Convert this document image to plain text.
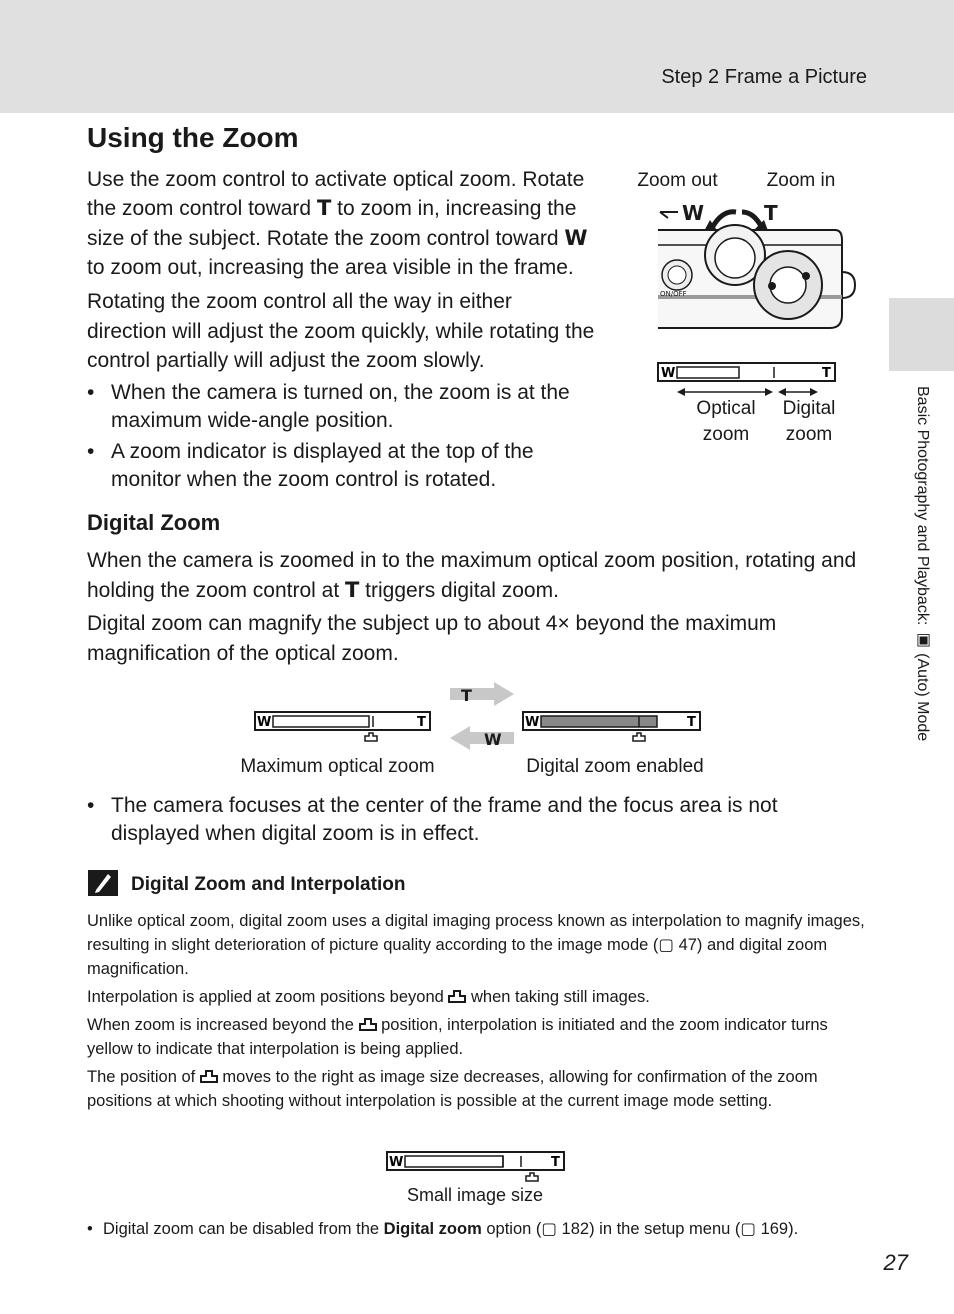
Step 2 Frame a Picture
Basic Photography and Playback: ▣ (Auto) Mode
Using the Zoom

Use the zoom control to activate optical zoom. Rotate

the zoom control toward T to zoom in, increasing the

size of the subject. Rotate the zoom control toward W

to zoom out, increasing the area visible in the frame.

Rotating the zoom control all the way in either direction will adjust the zoom quickly, while rotating the control partially will adjust the zoom slowly.

• When the camera is turned on, the zoom is at the maximum wide-angle position.
• A zoom indicator is displayed at the top of the monitor when the zoom control is rotated.
Zoom out	Zoom in
W	T
ON/OFF
W	T
Optical
zoom
Digital
zoom
Digital Zoom

When the camera is zoomed in to the maximum optical zoom position, rotating and holding the zoom control at T triggers digital zoom.

Digital zoom can magnify the subject up to about 4× beyond the maximum magnification of the optical zoom.

W	T
T
W
W	T
Maximum optical zoom	Digital zoom enabled
• The camera focuses at the center of the frame and the focus area is not displayed when digital zoom is in effect.
Digital Zoom and Interpolation

Unlike optical zoom, digital zoom uses a digital imaging process known as interpolation to magnify images, resulting in slight deterioration of picture quality according to the image mode (▢ 47) and digital zoom magnification.

Interpolation is applied at zoom positions beyond when taking still images.

When zoom is increased beyond the position, interpolation is initiated and the zoom indicator turns yellow to indicate that interpolation is being applied.

The position of moves to the right as image size decreases, allowing for confirmation of the zoom positions at which shooting without interpolation is possible at the current image mode setting.

W	T
Small image size
• Digital zoom can be disabled from the Digital zoom option (▢ 182) in the setup menu (▢ 169).
27
